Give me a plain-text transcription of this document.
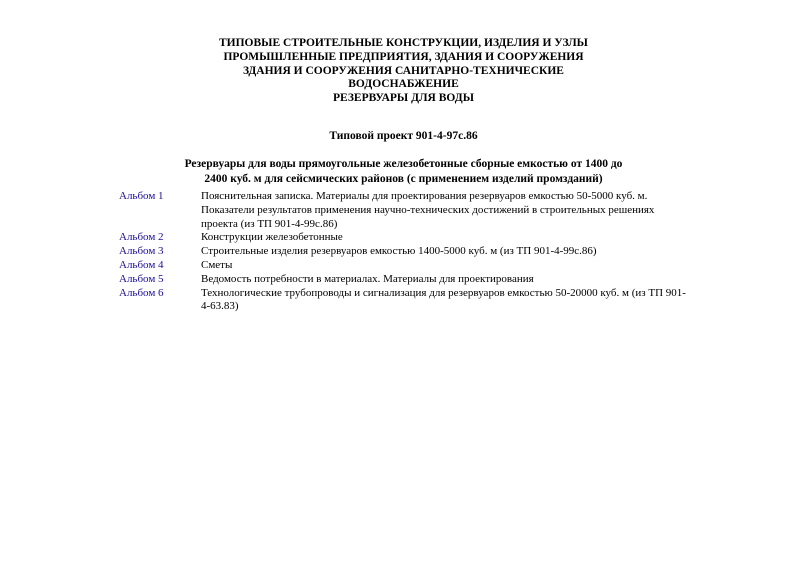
ТИПОВЫЕ СТРОИТЕЛЬНЫЕ КОНСТРУКЦИИ, ИЗДЕЛИЯ И УЗЛЫ
ПРОМЫШЛЕННЫЕ ПРЕДПРИЯТИЯ, ЗДАНИЯ И СООРУЖЕНИЯ
ЗДАНИЯ И СООРУЖЕНИЯ САНИТАРНО-ТЕХНИЧЕСКИЕ
ВОДОСНАБЖЕНИЕ
РЕЗЕРВУАРЫ ДЛЯ ВОДЫ
Типовой проект 901-4-97с.86
Резервуары для воды прямоугольные железобетонные сборные емкостью от 1400 до
2400 куб. м для сейсмических районов (с применением изделий промзданий)
Альбом 1	Пояснительная записка. Материалы для проектирования резервуаров емкостью 50-5000 куб. м.
Показатели результатов применения научно-технических достижений в строительных решениях
проекта (из ТП 901-4-99с.86)
Альбом 2	Конструкции железобетонные
Альбом 3	Строительные изделия резервуаров емкостью 1400-5000 куб. м (из ТП 901-4-99с.86)
Альбом 4	Сметы
Альбом 5	Ведомость потребности в материалах. Материалы для проектирования
Альбом 6	Технологические трубопроводы и сигнализация для резервуаров емкостью 50-20000 куб. м (из ТП 901-
4-63.83)
